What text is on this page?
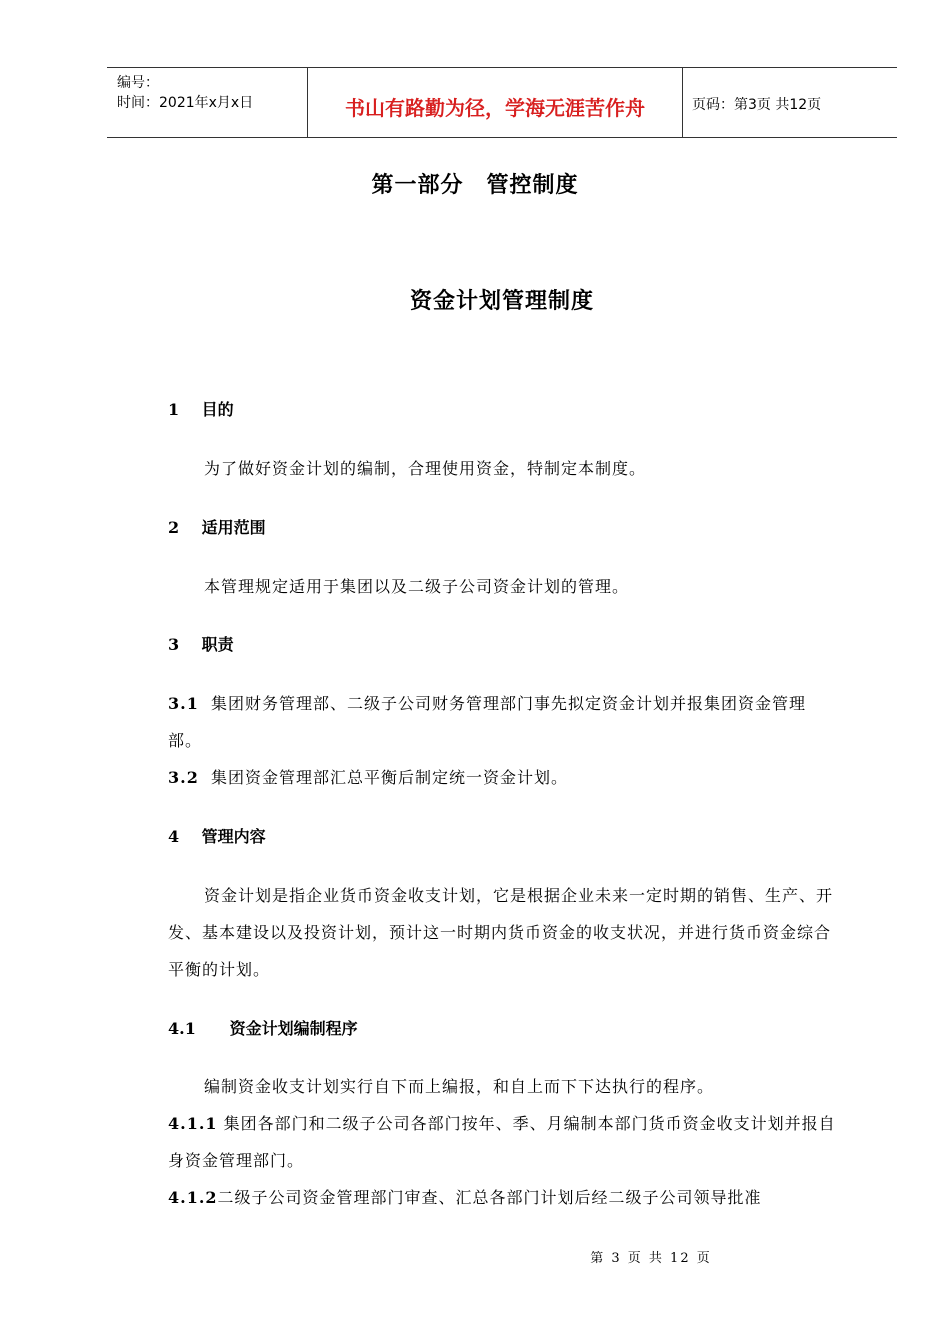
编号：
时间：2021年x月x日	书山有路勤为径，学海无涯苦作舟	页码：第3页 共12页
第一部分　管控制度
资金计划管理制度
1 目的
为了做好资金计划的编制，合理使用资金，特制定本制度。
2 适用范围
本管理规定适用于集团以及二级子公司资金计划的管理。
3 职责
3.1 集团财务管理部、二级子公司财务管理部门事先拟定资金计划并报集团资金管理部。
3.2 集团资金管理部汇总平衡后制定统一资金计划。
4 管理内容
资金计划是指企业货币资金收支计划，它是根据企业未来一定时期的销售、生产、开发、基本建设以及投资计划，预计这一时期内货币资金的收支状况，并进行货币资金综合平衡的计划。
4.1 资金计划编制程序
编制资金收支计划实行自下而上编报，和自上而下下达执行的程序。
4.1.1 集团各部门和二级子公司各部门按年、季、月编制本部门货币资金收支计划并报自身资金管理部门。
4.1.2二级子公司资金管理部门审查、汇总各部门计划后经二级子公司领导批准
第 3 页 共 12 页
